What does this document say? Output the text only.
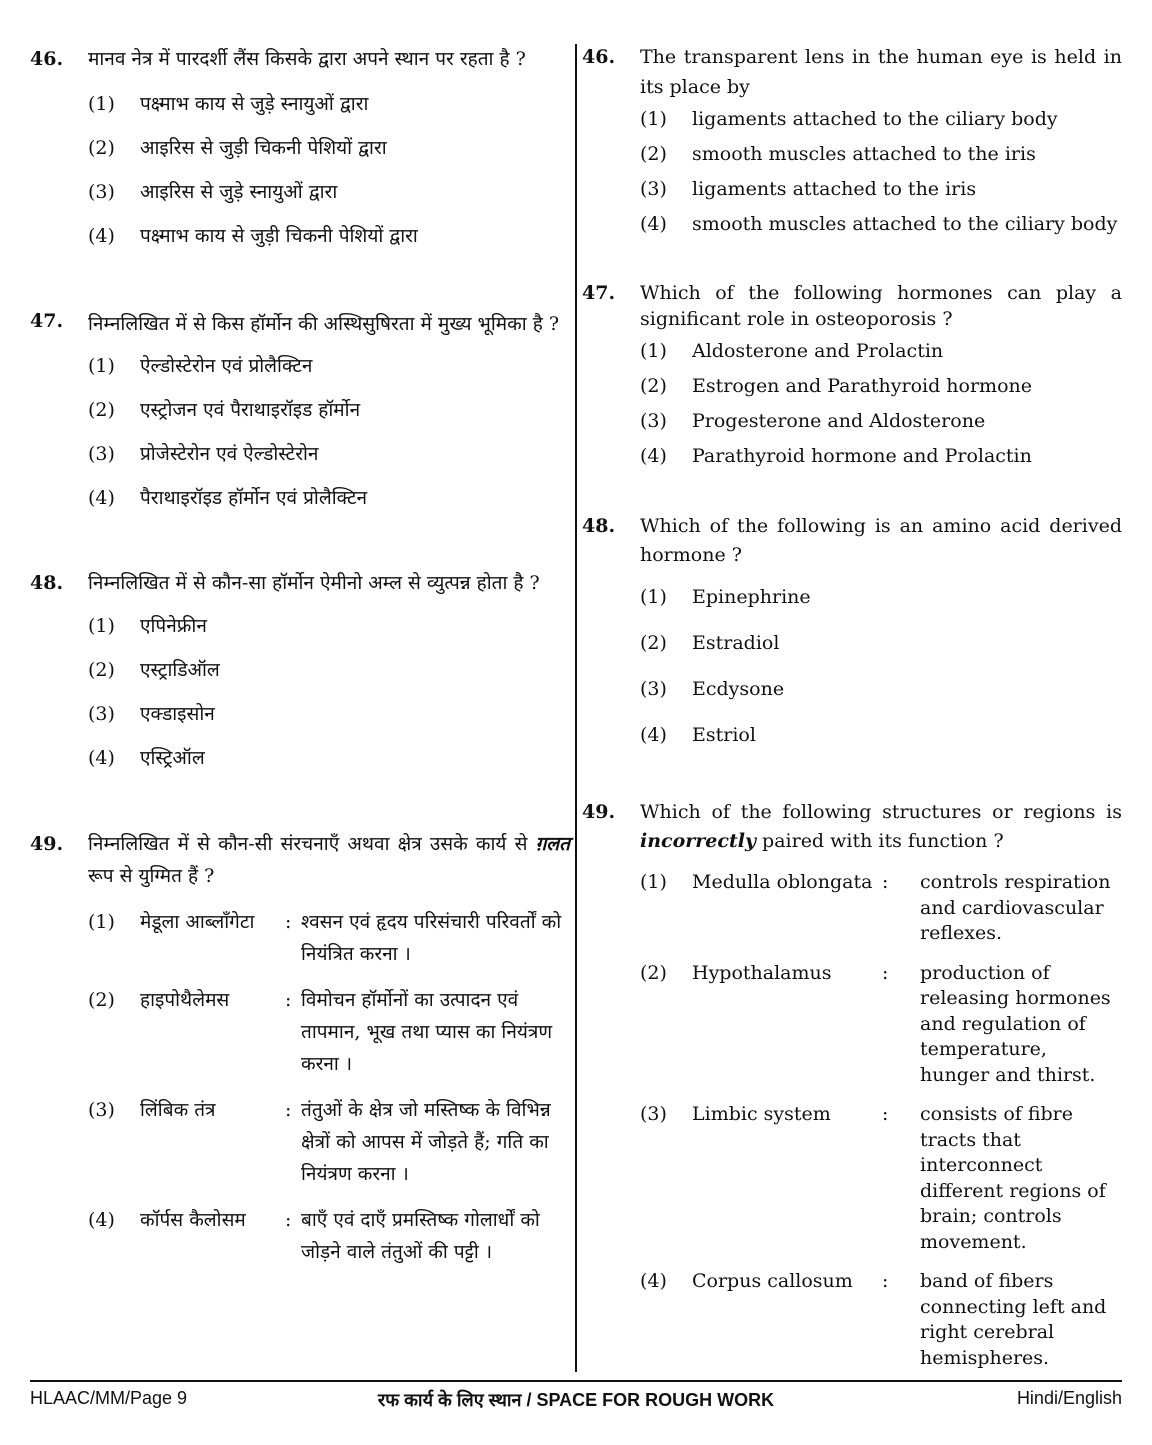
46. मानव नेत्र में पारदर्शी लैंस किसके द्वारा अपने स्थान पर रहता है ?
(1) पक्ष्माभ काय से जुड़े स्नायुओं द्वारा
(2) आइरिस से जुड़ी चिकनी पेशियों द्वारा
(3) आइरिस से जुड़े स्नायुओं द्वारा
(4) पक्ष्माभ काय से जुड़ी चिकनी पेशियों द्वारा
47. निम्नलिखित में से किस हॉर्मोन की अस्थिसुषिरता में मुख्य भूमिका है ?
(1) ऐल्डोस्टेरोन एवं प्रोलैक्टिन
(2) एस्ट्रोजन एवं पैराथाइरॉइड हॉर्मोन
(3) प्रोजेस्टेरोन एवं ऐल्डोस्टेरोन
(4) पैराथाइरॉइड हॉर्मोन एवं प्रोलैक्टिन
48. निम्नलिखित में से कौन-सा हॉर्मोन ऐमीनो अम्ल से व्युत्पन्न होता है ?
(1) एपिनेफ्रीन
(2) एस्ट्राडिऑल
(3) एक्डाइसोन
(4) एस्ट्रिऑल
49. निम्नलिखित में से कौन-सी संरचनाएँ अथवा क्षेत्र उसके कार्य से ग़लत रूप से युग्मित हैं ?
(1)	मेडूला आब्लॉंगेटा	: श्वसन एवं हृदय परिसंचारी परिवर्तों को नियंत्रित करना ।
(2)	हाइपोथैलेमस	: विमोचन हॉर्मोनों का उत्पादन एवं तापमान, भूख तथा प्यास का नियंत्रण करना ।
(3)	लिंबिक तंत्र	: तंतुओं के क्षेत्र जो मस्तिष्क के विभिन्न क्षेत्रों को आपस में जोड़ते हैं; गति का नियंत्रण करना ।
(4)	कॉर्पस कैलोसम	: बाएँ एवं दाएँ प्रमस्तिष्क गोलार्धों को जोड़ने वाले तंतुओं की पट्टी ।
46. The transparent lens in the human eye is held in its place by
(1) ligaments attached to the ciliary body
(2) smooth muscles attached to the iris
(3) ligaments attached to the iris
(4) smooth muscles attached to the ciliary body
47. Which of the following hormones can play a significant role in osteoporosis ?
(1) Aldosterone and Prolactin
(2) Estrogen and Parathyroid hormone
(3) Progesterone and Aldosterone
(4) Parathyroid hormone and Prolactin
48. Which of the following is an amino acid derived hormone ?
(1) Epinephrine
(2) Estradiol
(3) Ecdysone
(4) Estriol
49. Which of the following structures or regions is incorrectly paired with its function ?
(1)	Medulla oblongata :	controls respiration and cardiovascular reflexes.
(2)	Hypothalamus	:	production of releasing hormones and regulation of temperature, hunger and thirst.
(3)	Limbic system	:	consists of fibre tracts that interconnect different regions of brain; controls movement.
(4)	Corpus callosum	:	band of fibers connecting left and right cerebral hemispheres.
HLAAC/MM/Page 9	रफ कार्य के लिए स्थान / SPACE FOR ROUGH WORK	Hindi/English
